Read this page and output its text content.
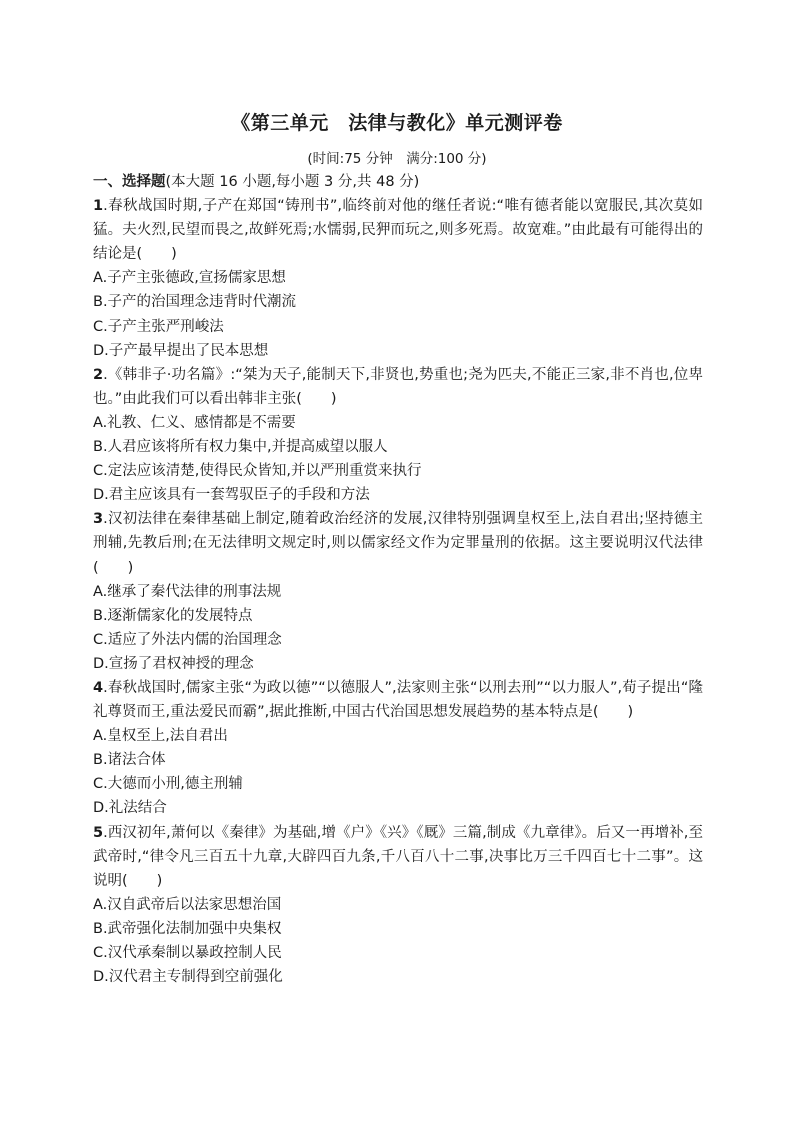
《第三单元　法律与教化》单元测评卷
(时间:75 分钟　满分:100 分)
一、选择题(本大题 16 小题,每小题 3 分,共 48 分)

1.春秋战国时期,子产在郑国“铸刑书”,临终前对他的继任者说:“唯有德者能以宽服民,其次莫如猛。夫火烈,民望而畏之,故鲜死焉;水懦弱,民狎而玩之,则多死焉。故宽难。”由此最有可能得出的结论是(　　)

A.子产主张德政,宣扬儒家思想

B.子产的治国理念违背时代潮流

C.子产主张严刑峻法

D.子产最早提出了民本思想

2.《韩非子·功名篇》:“桀为天子,能制天下,非贤也,势重也;尧为匹夫,不能正三家,非不肖也,位卑也。”由此我们可以看出韩非主张(　　)

A.礼教、仁义、感情都是不需要

B.人君应该将所有权力集中,并提高威望以服人

C.定法应该清楚,使得民众皆知,并以严刑重赏来执行

D.君主应该具有一套驾驭臣子的手段和方法

3.汉初法律在秦律基础上制定,随着政治经济的发展,汉律特别强调皇权至上,法自君出;坚持德主刑辅,先教后刑;在无法律明文规定时,则以儒家经文作为定罪量刑的依据。这主要说明汉代法律(　　)

A.继承了秦代法律的刑事法规

B.逐渐儒家化的发展特点

C.适应了外法内儒的治国理念

D.宣扬了君权神授的理念

4.春秋战国时,儒家主张“为政以德”“以德服人”,法家则主张“以刑去刑”“以力服人”,荀子提出“隆礼尊贤而王,重法爱民而霸”,据此推断,中国古代治国思想发展趋势的基本特点是(　　)

A.皇权至上,法自君出

B.诸法合体

C.大德而小刑,德主刑辅

D.礼法结合

5.西汉初年,萧何以《秦律》为基础,增《户》《兴》《厩》三篇,制成《九章律》。后又一再增补,至武帝时,“律令凡三百五十九章,大辟四百九条,千八百八十二事,决事比万三千四百七十二事”。这说明(　　)

A.汉自武帝后以法家思想治国

B.武帝强化法制加强中央集权

C.汉代承秦制以暴政控制人民

D.汉代君主专制得到空前强化
